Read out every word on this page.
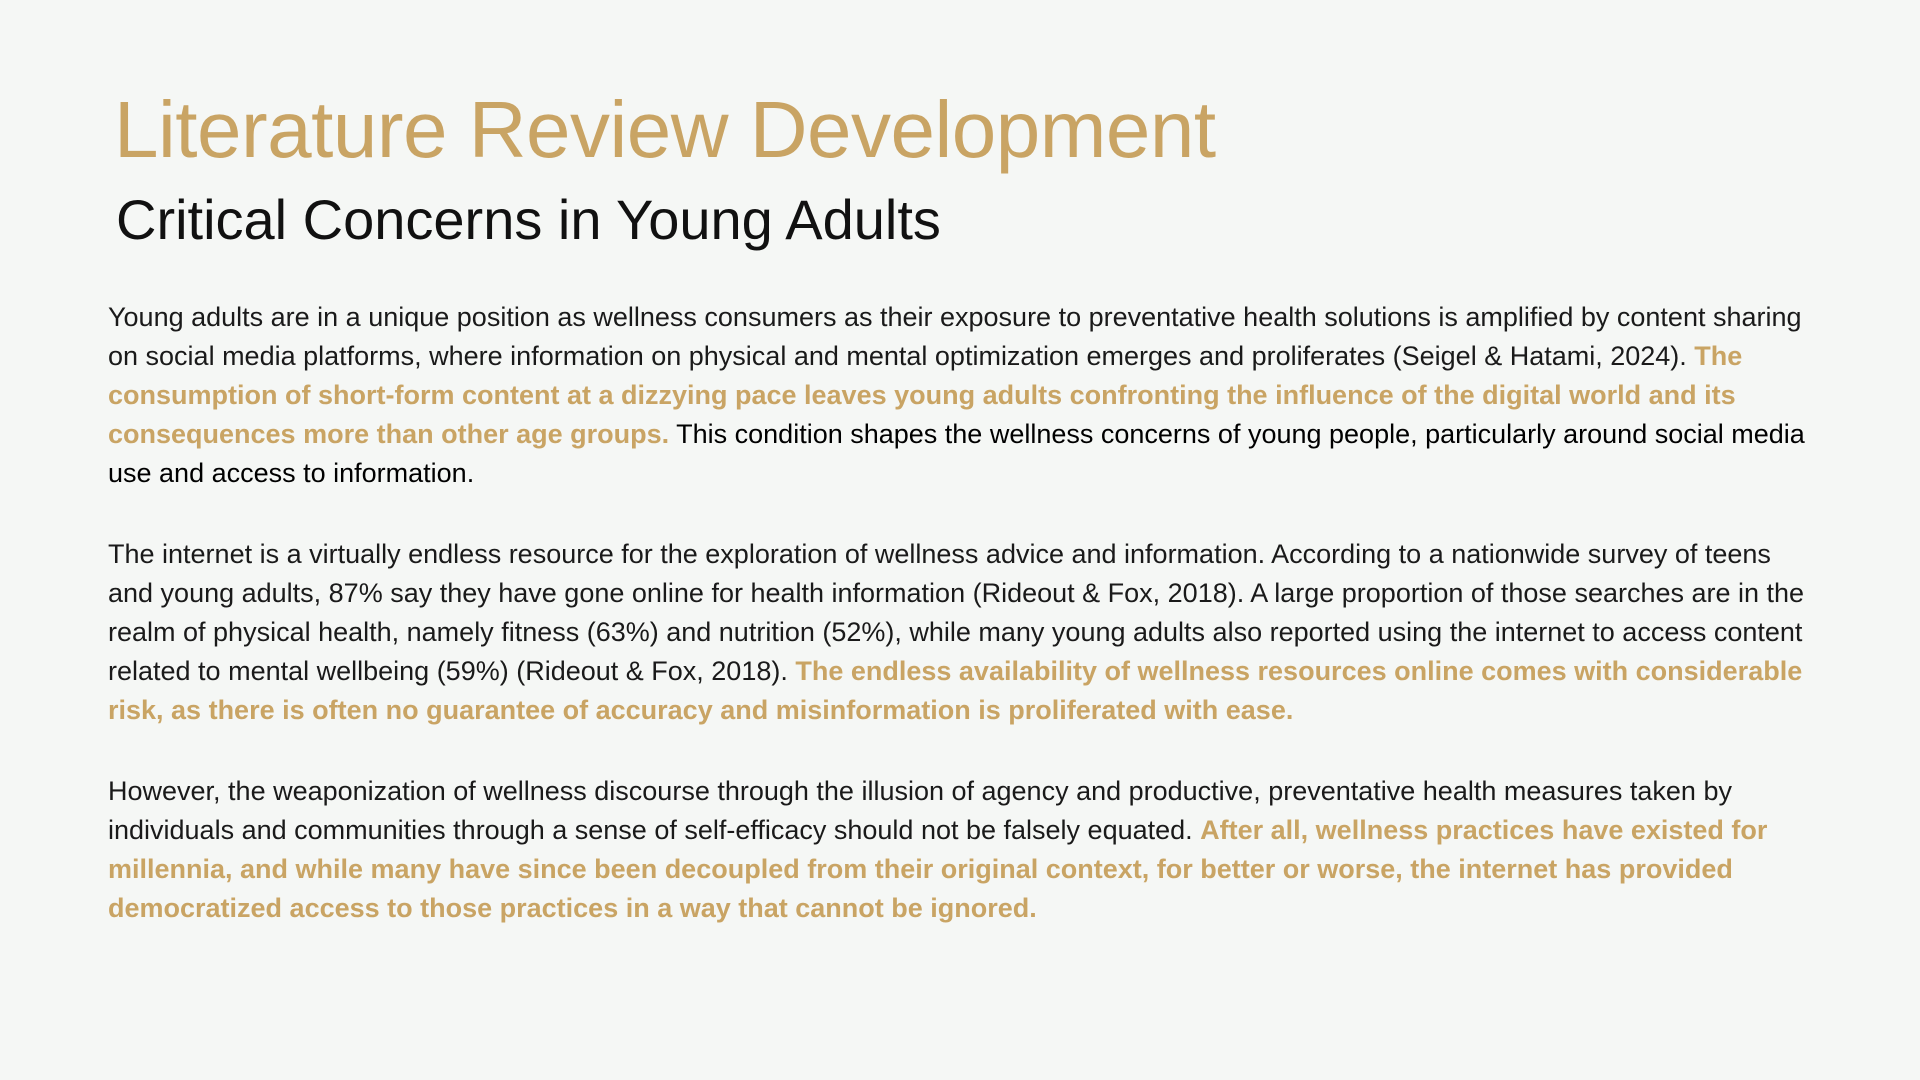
Literature Review Development
Critical Concerns in Young Adults

Young adults are in a unique position as wellness consumers as their exposure to preventative health solutions is amplified by content sharing on social media platforms, where information on physical and mental optimization emerges and proliferates (Seigel & Hatami, 2024). The consumption of short-form content at a dizzying pace leaves young adults confronting the influence of the digital world and its consequences more than other age groups. This condition shapes the wellness concerns of young people, particularly around social media use and access to information.

The internet is a virtually endless resource for the exploration of wellness advice and information. According to a nationwide survey of teens and young adults, 87% say they have gone online for health information (Rideout & Fox, 2018). A large proportion of those searches are in the realm of physical health, namely fitness (63%) and nutrition (52%), while many young adults also reported using the internet to access content related to mental wellbeing (59%) (Rideout & Fox, 2018). The endless availability of wellness resources online comes with considerable risk, as there is often no guarantee of accuracy and misinformation is proliferated with ease.

However, the weaponization of wellness discourse through the illusion of agency and productive, preventative health measures taken by individuals and communities through a sense of self-efficacy should not be falsely equated. After all, wellness practices have existed for millennia, and while many have since been decoupled from their original context, for better or worse, the internet has provided democratized access to those practices in a way that cannot be ignored.
